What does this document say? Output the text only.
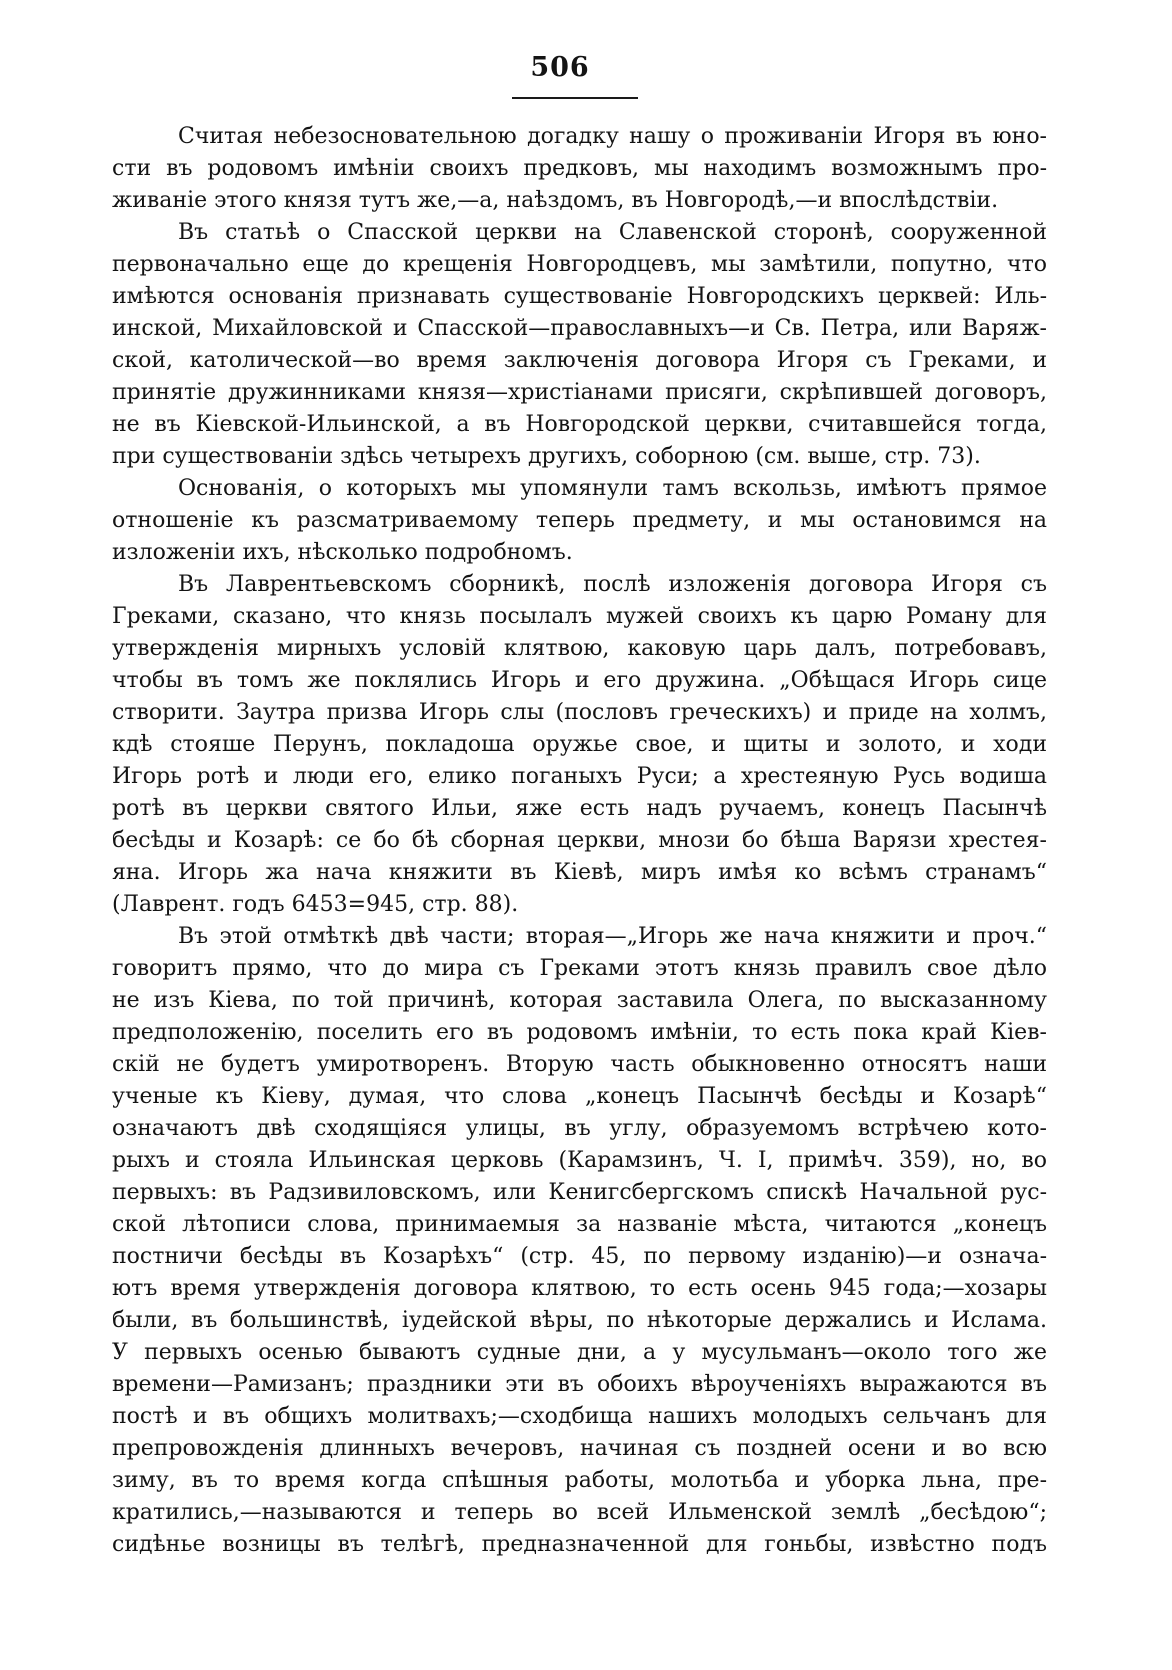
506
Считая небезосновательною догадку нашу о проживаніи Игоря въ юно-
сти въ родовомъ имѣніи своихъ предковъ, мы находимъ возможнымъ про-
живаніе этого князя тутъ же,—а, наѣздомъ, въ Новгородѣ,—и впослѣдствіи.
Въ статьѣ о Спасской церкви на Славенской сторонѣ, сооруженной
первоначально еще до крещенія Новгородцевъ, мы замѣтили, попутно, что
имѣются основанія признавать существованіе Новгородскихъ церквей: Иль-
инской, Михайловской и Спасской—православныхъ—и Св. Петра, или Варяж-
ской, католической—во время заключенія договора Игоря съ Греками, и
принятіе дружинниками князя—христіанами присяги, скрѣпившей договоръ,
не въ Кіевской-Ильинской, а въ Новгородской церкви, считавшейся тогда,
при существованіи здѣсь четырехъ другихъ, соборною (см. выше, стр. 73).
Основанія, о которыхъ мы упомянули тамъ вскользь, имѣютъ прямое
отношеніе къ разсматриваемому теперь предмету, и мы остановимся на
изложеніи ихъ, нѣсколько подробномъ.
Въ Лаврентьевскомъ сборникѣ, послѣ изложенія договора Игоря съ
Греками, сказано, что князь посылалъ мужей своихъ къ царю Роману для
утвержденія мирныхъ условій клятвою, каковую царь далъ, потребовавъ,
чтобы въ томъ же поклялись Игорь и его дружина. „Обѣщася Игорь сице
створити. Заутра призва Игорь слы (пословъ греческихъ) и приде на холмъ,
кдѣ стояше Перунъ, покладоша оружье свое, и щиты и золото, и ходи
Игорь ротѣ и люди его, елико поганыхъ Руси; а хрестеяную Русь водиша
ротѣ въ церкви святого Ильи, яже есть надъ ручаемъ, конецъ Пасынчѣ
бесѣды и Козарѣ: се бо бѣ сборная церкви, мнози бо бѣша Варязи хрестея-
янa. Игорь жа нача княжити въ Кіевѣ, миръ имѣя ко всѣмъ странамъ“
(Лаврент. годъ 6453=945, стр. 88).
Въ этой отмѣткѣ двѣ части; вторая—„Игорь же нача княжити и проч.“
говоритъ прямо, что до мира съ Греками этотъ князь правилъ свое дѣло
не изъ Кіева, по той причинѣ, которая заставила Олега, по высказанному
предположенію, поселить его въ родовомъ имѣніи, то есть пока край Кіев-
скій не будетъ умиротворенъ. Вторую часть обыкновенно относятъ наши
ученые къ Кіеву, думая, что слова „конецъ Пасынчѣ бесѣды и Козарѣ“
означаютъ двѣ сходящіяся улицы, въ углу, образуемомъ встрѣчею кото-
рыхъ и стояла Ильинская церковь (Карамзинъ, Ч. I, примѣч. 359), но, во
первыхъ: въ Радзивиловскомъ, или Кенигсбергскомъ спискѣ Начальной рус-
ской лѣтописи слова, принимаемыя за названіе мѣста, читаются „конецъ
постничи бесѣды въ Козарѣхъ“ (стр. 45, по первому изданію)—и означа-
ютъ время утвержденія договора клятвою, то есть осень 945 года;—хозары
были, въ большинствѣ, іудейской вѣры, по нѣкоторые держались и Ислама.
У первыхъ осенью бываютъ судные дни, а у мусульманъ—около того же
времени—Рамизанъ; праздники эти въ обоихъ вѣроученіяхъ выражаются въ
постѣ и въ общихъ молитвахъ;—сходбища нашихъ молодыхъ сельчанъ для
препровожденія длинныхъ вечеровъ, начиная съ поздней осени и во всю
зиму, въ то время когда спѣшныя работы, молотьба и уборка льна, пре-
кратились,—называются и теперь во всей Ильменской землѣ „бесѣдою“;
сидѣнье возницы въ телѣгѣ, предназначенной для гоньбы, извѣстно подъ
